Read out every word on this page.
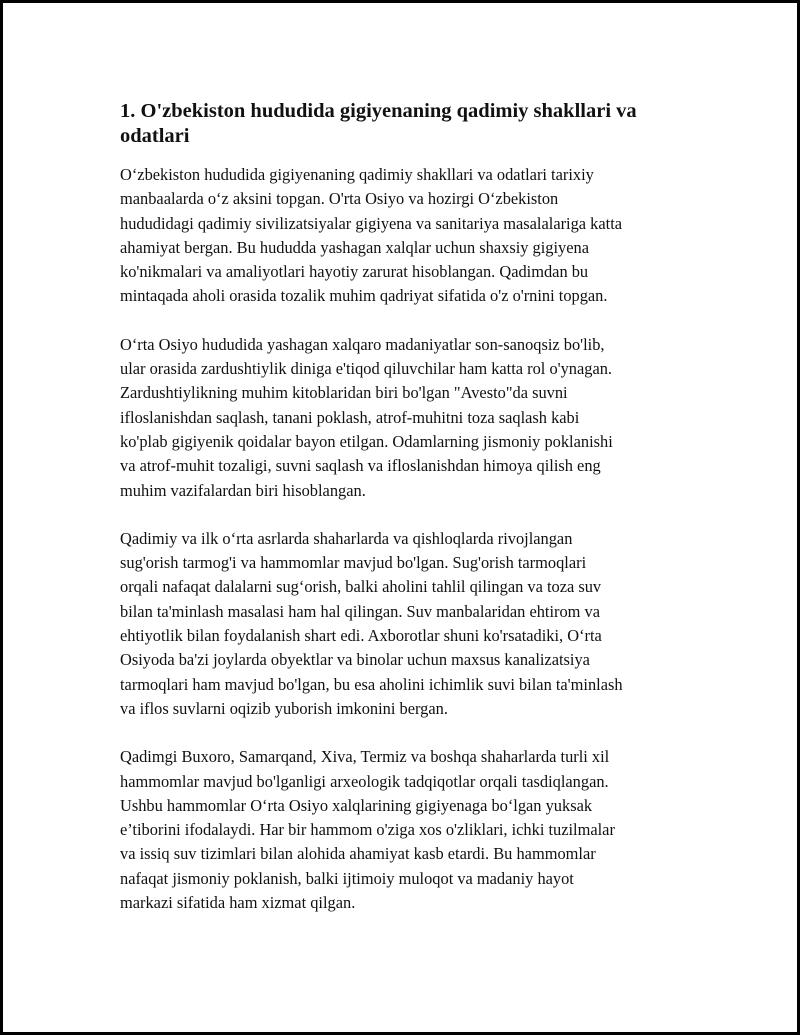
1. O'zbekiston hududida gigiyenaning qadimiy shakllari va
odatlari

O‘zbekiston hududida gigiyenaning qadimiy shakllari va odatlari tarixiy
manbaalarda o‘z aksini topgan. O'rta Osiyo va hozirgi O‘zbekiston
hududidagi qadimiy sivilizatsiyalar gigiyena va sanitariya masalalariga katta
ahamiyat bergan. Bu hududda yashagan xalqlar uchun shaxsiy gigiyena
ko'nikmalari va amaliyotlari hayotiy zarurat hisoblangan. Qadimdan bu
mintaqada aholi orasida tozalik muhim qadriyat sifatida o'z o'rnini topgan.

O‘rta Osiyo hududida yashagan xalqaro madaniyatlar son-sanoqsiz bo'lib,
ular orasida zardushtiylik diniga e'tiqod qiluvchilar ham katta rol o'ynagan.
Zardushtiylikning muhim kitoblaridan biri bo'lgan "Avesto"da suvni
ifloslanishdan saqlash, tanani poklash, atrof-muhitni toza saqlash kabi
ko'plab gigiyenik qoidalar bayon etilgan. Odamlarning jismoniy poklanishi
va atrof-muhit tozaligi, suvni saqlash va ifloslanishdan himoya qilish eng
muhim vazifalardan biri hisoblangan.

Qadimiy va ilk o‘rta asrlarda shaharlarda va qishloqlarda rivojlangan
sug'orish tarmog'i va hammomlar mavjud bo'lgan. Sug'orish tarmoqlari
orqali nafaqat dalalarni sug‘orish, balki aholini tahlil qilingan va toza suv
bilan ta'minlash masalasi ham hal qilingan. Suv manbalaridan ehtirom va
ehtiyotlik bilan foydalanish shart edi. Axborotlar shuni ko'rsatadiki, O‘rta
Osiyoda ba'zi joylarda obyektlar va binolar uchun maxsus kanalizatsiya
tarmoqlari ham mavjud bo'lgan, bu esa aholini ichimlik suvi bilan ta'minlash
va iflos suvlarni oqizib yuborish imkonini bergan.

Qadimgi Buxoro, Samarqand, Xiva, Termiz va boshqa shaharlarda turli xil
hammomlar mavjud bo'lganligi arxeologik tadqiqotlar orqali tasdiqlangan.
Ushbu hammomlar O‘rta Osiyo xalqlarining gigiyenaga bo‘lgan yuksak
e’tiborini ifodalaydi. Har bir hammom o'ziga xos o'zliklari, ichki tuzilmalar
va issiq suv tizimlari bilan alohida ahamiyat kasb etardi. Bu hammomlar
nafaqat jismoniy poklanish, balki ijtimoiy muloqot va madaniy hayot
markazi sifatida ham xizmat qilgan.
